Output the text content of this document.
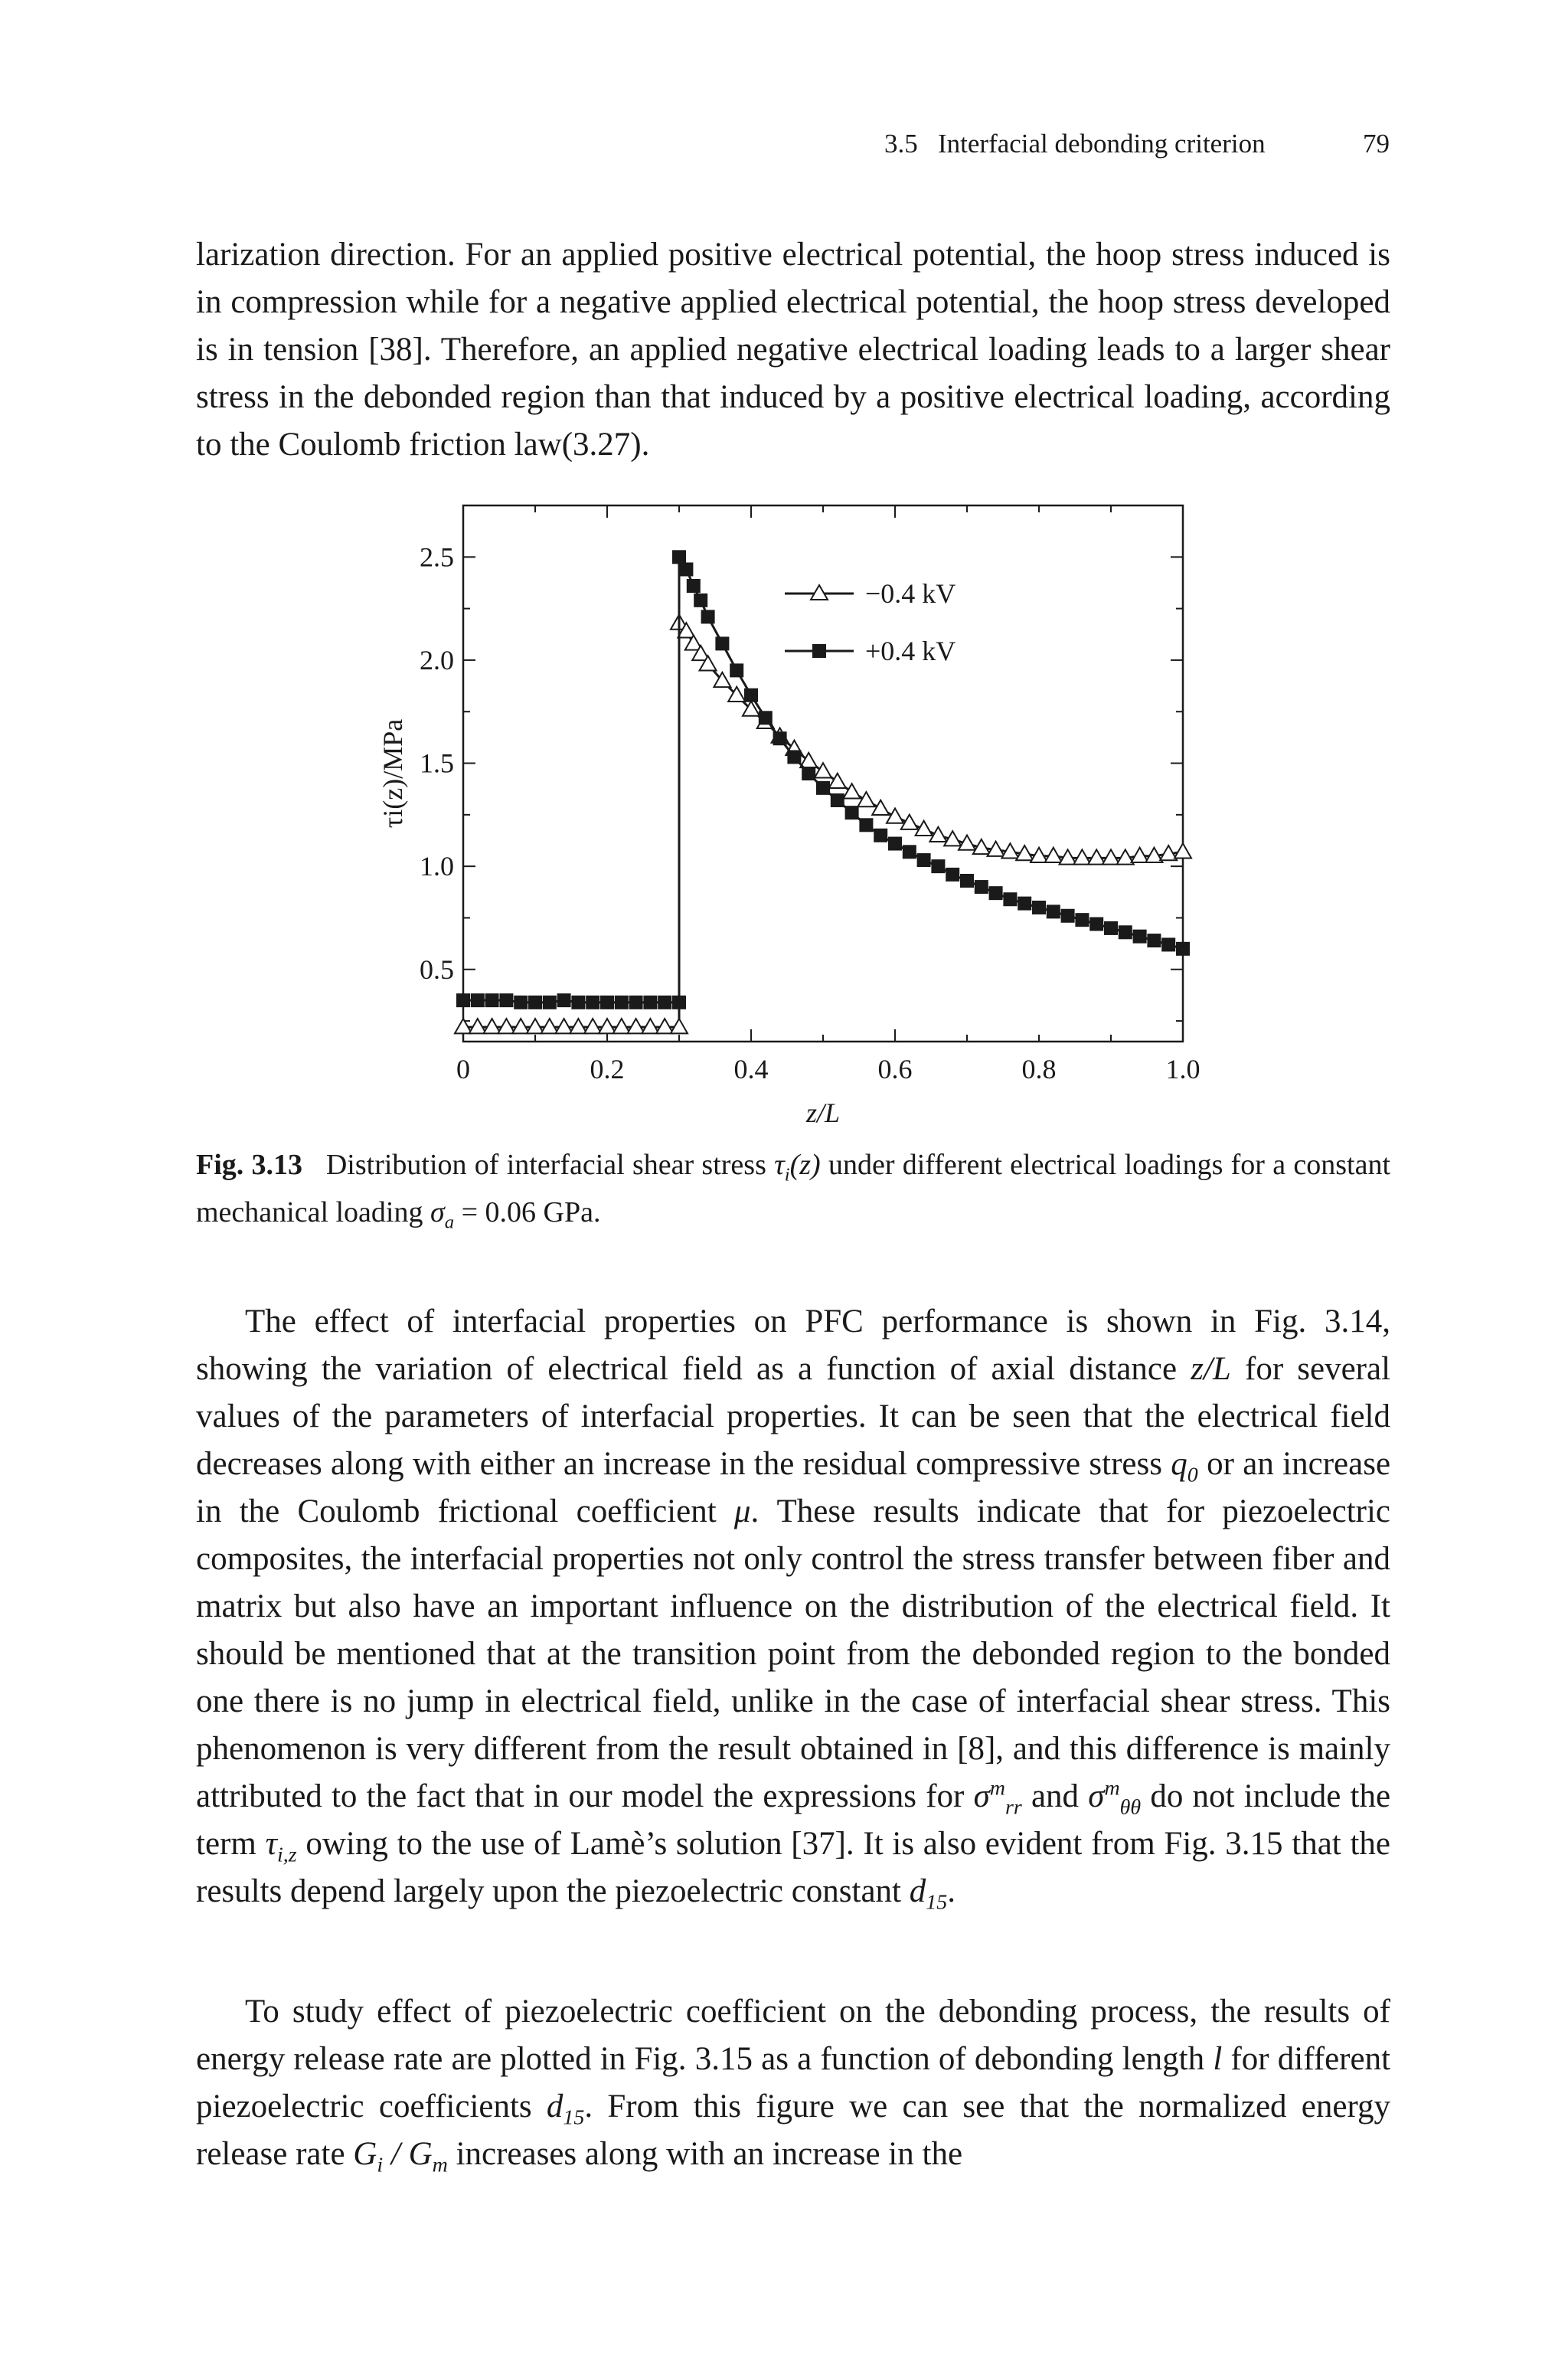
3.5 Interfacial debonding criterion	79
larization direction. For an applied positive electrical potential, the hoop stress induced is in compression while for a negative applied electrical potential, the hoop stress developed is in tension [38]. Therefore, an applied negative electrical loading leads to a larger shear stress in the debonded region than that induced by a positive electrical loading, according to the Coulomb friction law(3.27).
0	0.2	0.4	0.6	0.8	1.0
0.5
1.0
1.5
2.0
2.5
z/L
τi(z)/MPa
−0.4 kV
+0.4 kV
Fig. 3.13 Distribution of interfacial shear stress $\tau_i(z)$ under different electrical loadings for a constant mechanical loading $\sigma_a = 0.06$ GPa.
The effect of interfacial properties on PFC performance is shown in Fig. 3.14, showing the variation of electrical field as a function of axial distance z/L for several values of the parameters of interfacial properties. It can be seen that the electrical field decreases along with either an increase in the residual compressive stress $q_0$ or an increase in the Coulomb frictional coefficient μ. These results indicate that for piezoelectric composites, the interfacial properties not only control the stress transfer between fiber and matrix but also have an important influence on the distribution of the electrical field. It should be mentioned that at the transition point from the debonded region to the bonded one there is no jump in electrical field, unlike in the case of interfacial shear stress. This phenomenon is very different from the result obtained in [8], and this difference is mainly attributed to the fact that in our model the expressions for $\sigma^m_{rr}$ and $\sigma^m_{\theta\theta}$ do not include the term $\tau_{i,z}$ owing to the use of Lamè’s solution [37]. It is also evident from Fig. 3.15 that the results depend largely upon the piezoelectric constant $d_{15}$.
To study effect of piezoelectric coefficient on the debonding process, the results of energy release rate are plotted in Fig. 3.15 as a function of debonding length l for different piezoelectric coefficients $d_{15}$. From this figure we can see that the normalized energy release rate $G_i / G_m$ increases along with an increase in the
